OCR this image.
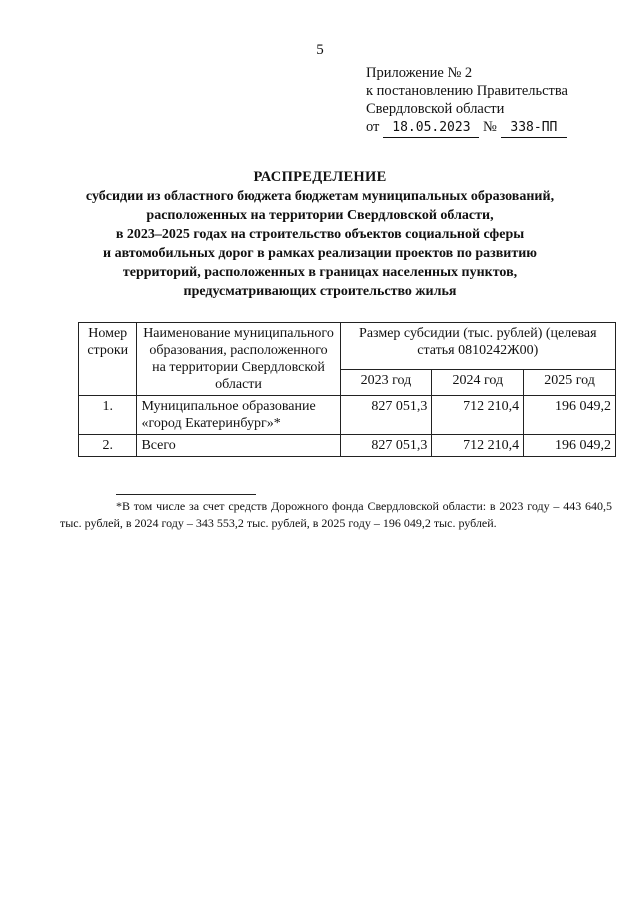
5
Приложение № 2
к постановлению Правительства
Свердловской области
от 18.05.2023 № 338-ПП
РАСПРЕДЕЛЕНИЕ
субсидии из областного бюджета бюджетам муниципальных образований,
расположенных на территории Свердловской области,
в 2023–2025 годах на строительство объектов социальной сферы
и автомобильных дорог в рамках реализации проектов по развитию
территорий, расположенных в границах населенных пунктов,
предусматривающих строительство жилья
Номер строки	Наименование муниципального образования, расположенного на территории Свердловской области	Размер субсидии (тыс. рублей) (целевая статья 0810242Ж00)		
		2023 год	2024 год	2025 год
1.	Муниципальное образование «город Екатеринбург»*	827 051,3	712 210,4	196 049,2
2.	Всего	827 051,3	712 210,4	196 049,2
*В том числе за счет средств Дорожного фонда Свердловской области: в 2023 году – 443 640,5 тыс. рублей, в 2024 году – 343 553,2 тыс. рублей, в 2025 году – 196 049,2 тыс. рублей.
